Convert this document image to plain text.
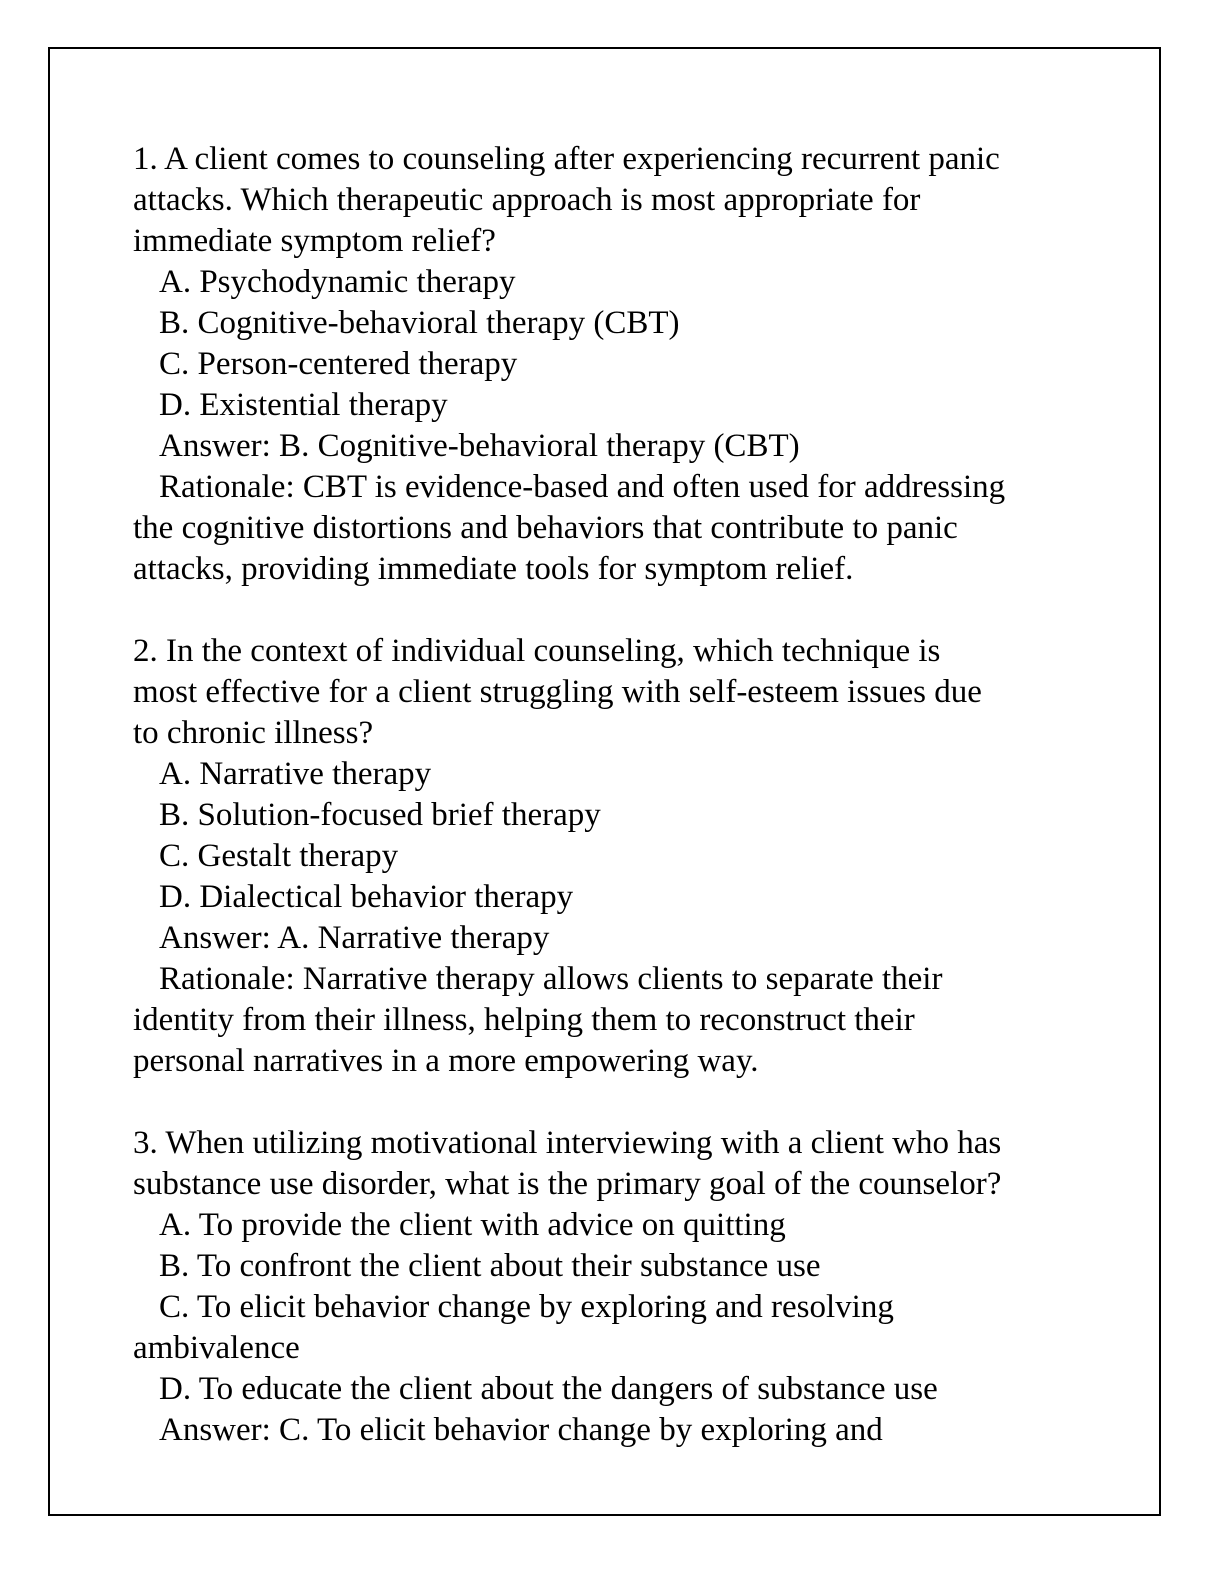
1. A client comes to counseling after experiencing recurrent panic
attacks. Which therapeutic approach is most appropriate for
immediate symptom relief?
A. Psychodynamic therapy
B. Cognitive-behavioral therapy (CBT)
C. Person-centered therapy
D. Existential therapy
Answer: B. Cognitive-behavioral therapy (CBT)
Rationale: CBT is evidence-based and often used for addressing
the cognitive distortions and behaviors that contribute to panic
attacks, providing immediate tools for symptom relief.
2. In the context of individual counseling, which technique is
most effective for a client struggling with self-esteem issues due
to chronic illness?
A. Narrative therapy
B. Solution-focused brief therapy
C. Gestalt therapy
D. Dialectical behavior therapy
Answer: A. Narrative therapy
Rationale: Narrative therapy allows clients to separate their
identity from their illness, helping them to reconstruct their
personal narratives in a more empowering way.
3. When utilizing motivational interviewing with a client who has
substance use disorder, what is the primary goal of the counselor?
A. To provide the client with advice on quitting
B. To confront the client about their substance use
C. To elicit behavior change by exploring and resolving
ambivalence
D. To educate the client about the dangers of substance use
Answer: C. To elicit behavior change by exploring and
